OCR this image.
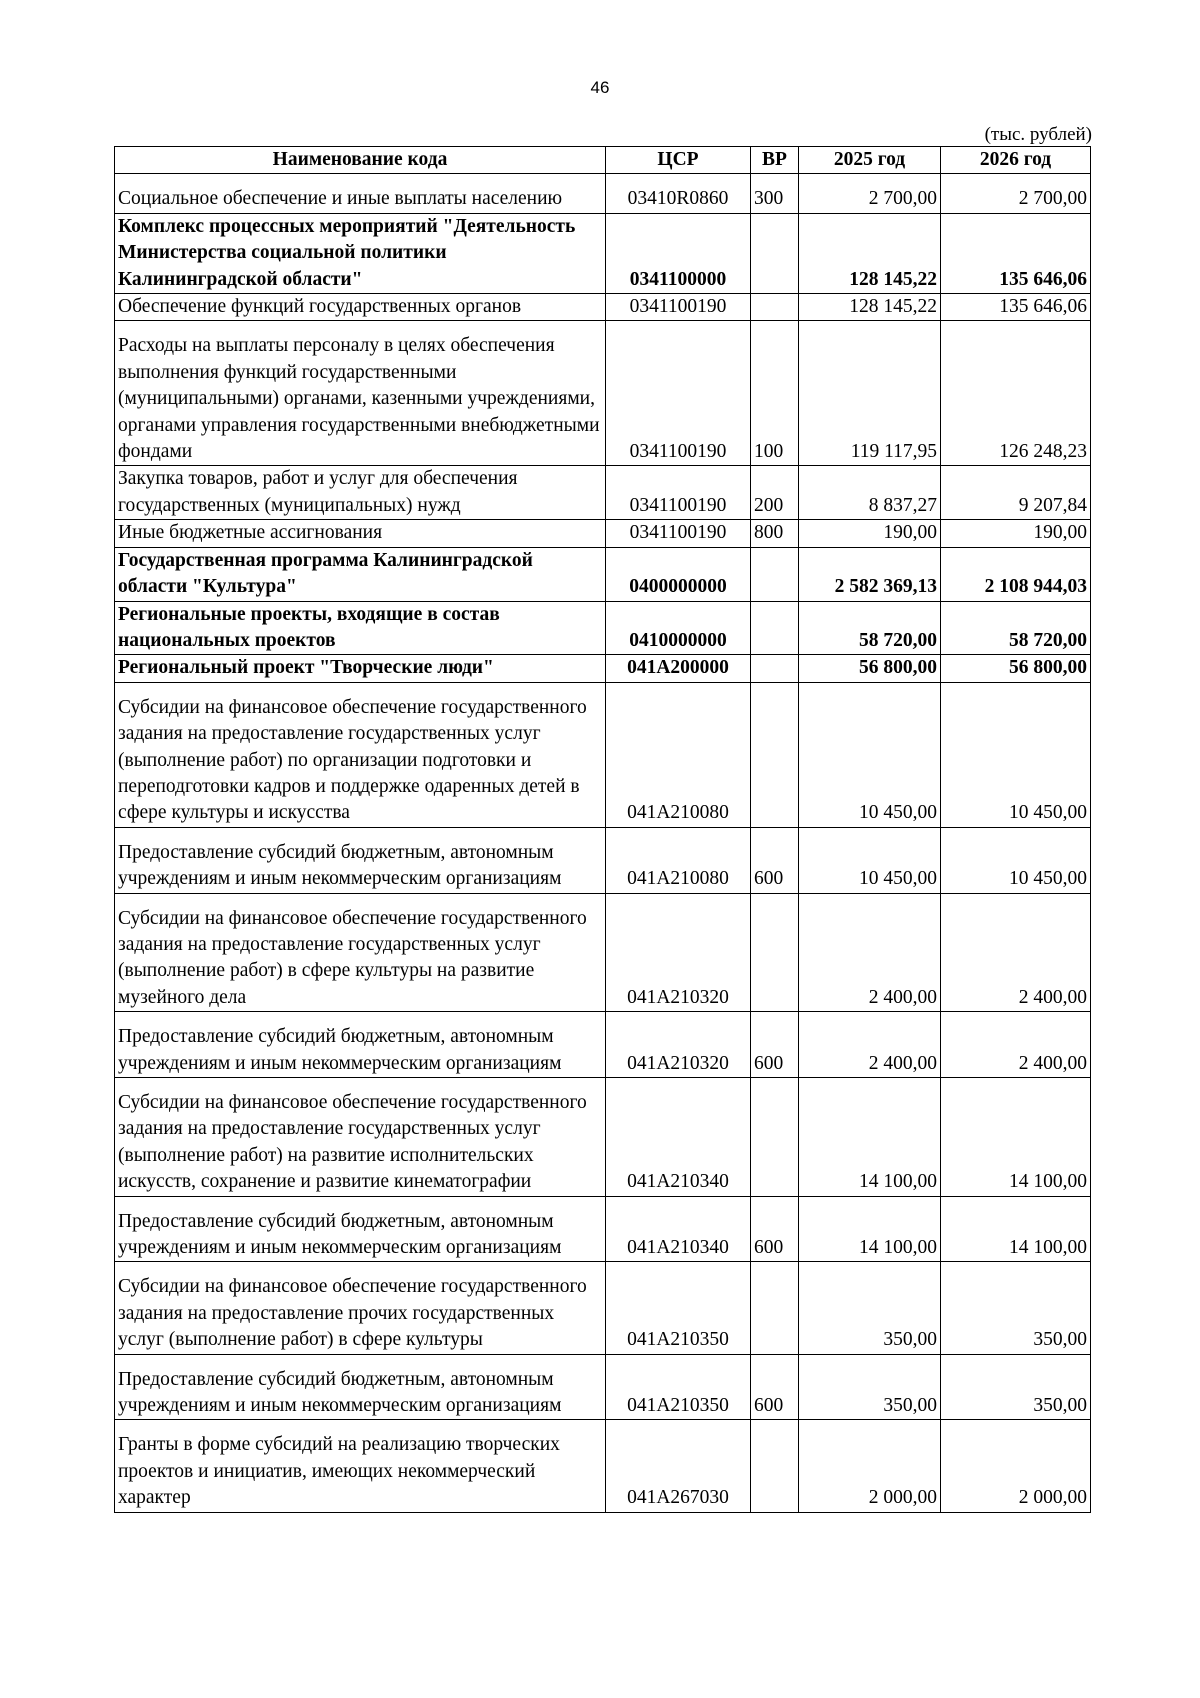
46
(тыс. рублей)
Наименование кода	ЦСР	ВР	2025 год	2026 год
Социальное обеспечение и иные выплаты населению	03410R0860	300	2 700,00	2 700,00
Комплекс процессных мероприятий "Деятельность Министерства социальной политики Калининградской области"	0341100000		128 145,22	135 646,06
Обеспечение функций государственных органов	0341100190		128 145,22	135 646,06
Расходы на выплаты персоналу в целях обеспечения выполнения функций государственными (муниципальными) органами, казенными учреждениями, органами управления государственными внебюджетными фондами	0341100190	100	119 117,95	126 248,23
Закупка товаров, работ и услуг для обеспечения государственных (муниципальных) нужд	0341100190	200	8 837,27	9 207,84
Иные бюджетные ассигнования	0341100190	800	190,00	190,00
Государственная программа Калининградской области "Культура"	0400000000		2 582 369,13	2 108 944,03
Региональные проекты, входящие в состав национальных проектов	0410000000		58 720,00	58 720,00
Региональный проект "Творческие люди"	041А200000		56 800,00	56 800,00
Субсидии на финансовое обеспечение государственного задания на предоставление государственных услуг (выполнение работ) по организации подготовки и переподготовки кадров и поддержке одаренных детей в сфере культуры и искусства	041А210080		10 450,00	10 450,00
Предоставление субсидий бюджетным, автономным учреждениям и иным некоммерческим организациям	041А210080	600	10 450,00	10 450,00
Субсидии на финансовое обеспечение государственного задания на предоставление государственных услуг (выполнение работ) в сфере культуры на развитие музейного дела	041А210320		2 400,00	2 400,00
Предоставление субсидий бюджетным, автономным учреждениям и иным некоммерческим организациям	041А210320	600	2 400,00	2 400,00
Субсидии на финансовое обеспечение государственного задания на предоставление государственных услуг (выполнение работ) на развитие исполнительских искусств, сохранение и развитие кинематографии	041А210340		14 100,00	14 100,00
Предоставление субсидий бюджетным, автономным учреждениям и иным некоммерческим организациям	041А210340	600	14 100,00	14 100,00
Субсидии на финансовое обеспечение государственного задания на предоставление прочих государственных услуг (выполнение работ) в сфере культуры	041А210350		350,00	350,00
Предоставление субсидий бюджетным, автономным учреждениям и иным некоммерческим организациям	041А210350	600	350,00	350,00
Гранты в форме субсидий на реализацию творческих проектов и инициатив, имеющих некоммерческий характер	041А267030		2 000,00	2 000,00
